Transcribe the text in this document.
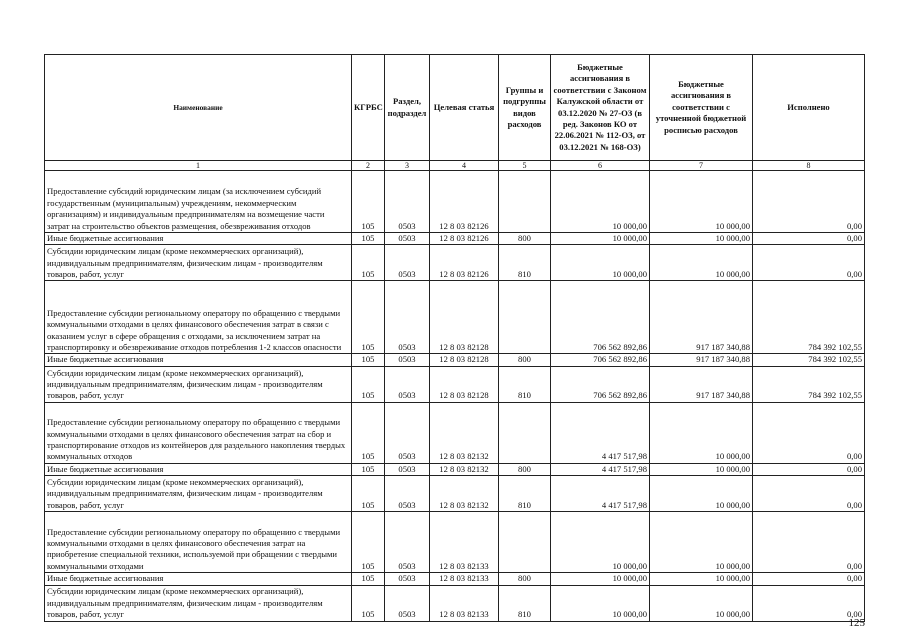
Наименование	КГРБС	Раздел, подраздел	Целевая статья	Группы и подгруппы видов расходов	Бюджетные ассигнования в соответствии с Законом Калужской области от 03.12.2020 № 27-ОЗ (в ред. Законов КО от 22.06.2021 № 112-ОЗ, от 03.12.2021 № 168-ОЗ)	Бюджетные ассигнования в соответствии с уточненной бюджетной росписью расходов	Исполнено
1	2	3	4	5	6	7	8
Предоставление субсидий юридическим лицам (за исключением субсидий государственным (муниципальным) учреждениям, некоммерческим организациям) и индивидуальным предпринимателям на возмещение части затрат на строительство объектов размещения, обезвреживания отходов	105	0503	12 8 03 82126		10 000,00	10 000,00	0,00
Иные бюджетные ассигнования	105	0503	12 8 03 82126	800	10 000,00	10 000,00	0,00
Субсидии юридическим лицам (кроме некоммерческих организаций), индивидуальным предпринимателям, физическим лицам - производителям товаров, работ, услуг	105	0503	12 8 03 82126	810	10 000,00	10 000,00	0,00
Предоставление субсидии региональному оператору по обращению с твердыми коммунальными отходами в целях финансового обеспечения затрат в связи с оказанием услуг в сфере обращения с отходами, за исключением затрат на транспортировку и обезвреживание отходов потребления 1-2 классов опасности	105	0503	12 8 03 82128		706 562 892,86	917 187 340,88	784 392 102,55
Иные бюджетные ассигнования	105	0503	12 8 03 82128	800	706 562 892,86	917 187 340,88	784 392 102,55
Субсидии юридическим лицам (кроме некоммерческих организаций), индивидуальным предпринимателям, физическим лицам - производителям товаров, работ, услуг	105	0503	12 8 03 82128	810	706 562 892,86	917 187 340,88	784 392 102,55
Предоставление субсидии региональному оператору по обращению с твердыми коммунальными отходами в целях финансового обеспечения затрат на сбор и транспортирование отходов из контейнеров для раздельного накопления твердых коммунальных отходов	105	0503	12 8 03 82132		4 417 517,98	10 000,00	0,00
Иные бюджетные ассигнования	105	0503	12 8 03 82132	800	4 417 517,98	10 000,00	0,00
Субсидии юридическим лицам (кроме некоммерческих организаций), индивидуальным предпринимателям, физическим лицам - производителям товаров, работ, услуг	105	0503	12 8 03 82132	810	4 417 517,98	10 000,00	0,00
Предоставление субсидии региональному оператору по обращению с твердыми коммунальными отходами в целях финансового обеспечения затрат на приобретение специальной техники, используемой при обращении с твердыми коммунальными отходами	105	0503	12 8 03 82133		10 000,00	10 000,00	0,00
Иные бюджетные ассигнования	105	0503	12 8 03 82133	800	10 000,00	10 000,00	0,00
Субсидии юридическим лицам (кроме некоммерческих организаций), индивидуальным предпринимателям, физическим лицам - производителям товаров, работ, услуг	105	0503	12 8 03 82133	810	10 000,00	10 000,00	0,00
125
